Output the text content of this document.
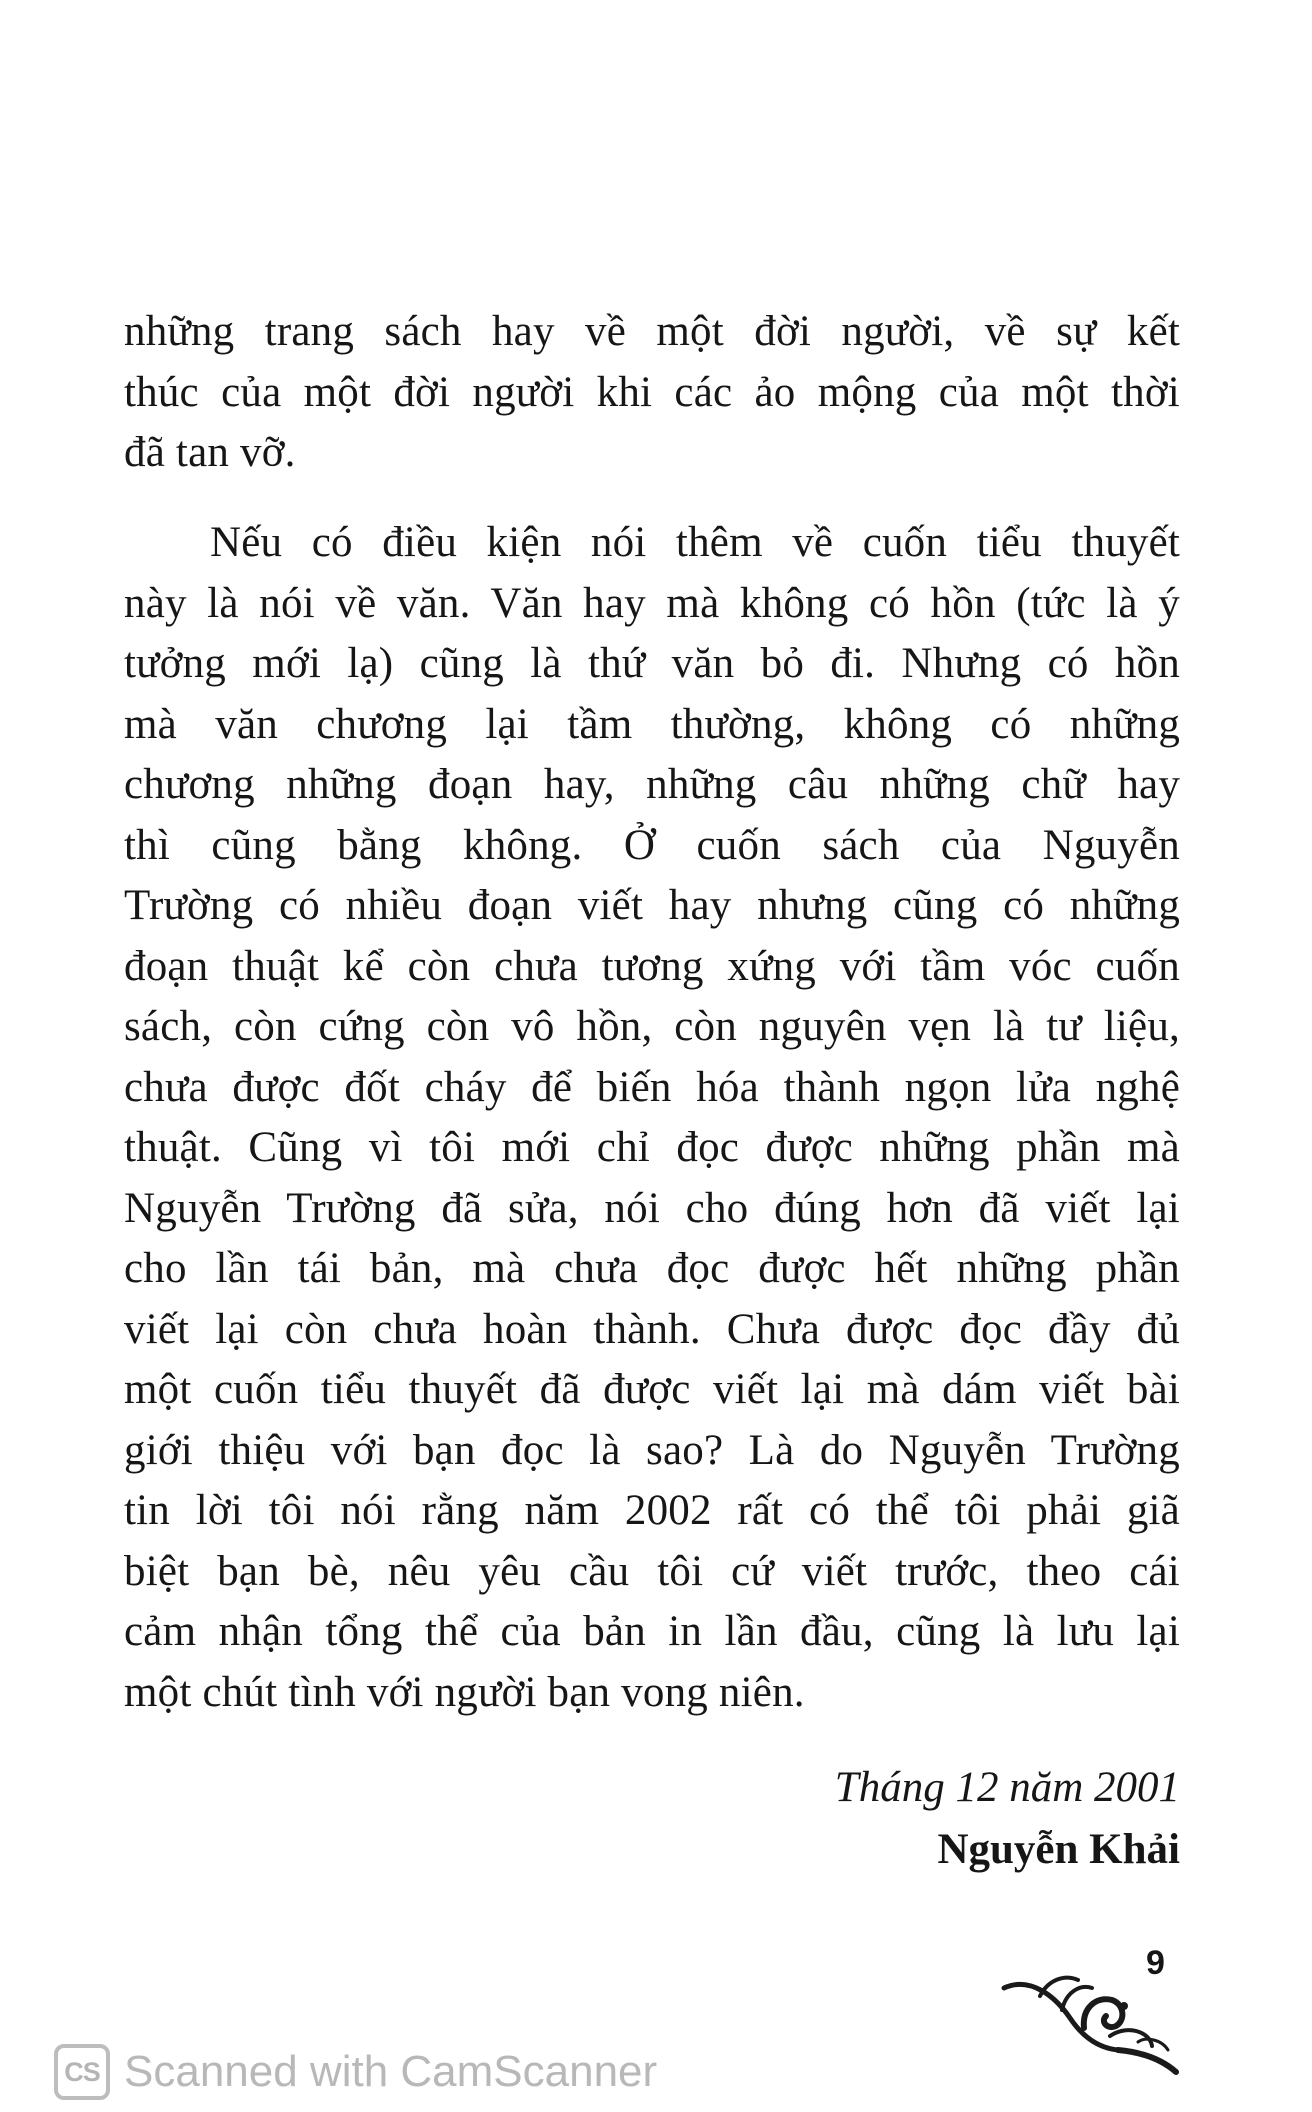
những trang sách hay về một đời người, về sự kết
thúc của một đời người khi các ảo mộng của một thời
đã tan vỡ.
Nếu có điều kiện nói thêm về cuốn tiểu thuyết
này là nói về văn. Văn hay mà không có hồn (tức là ý
tưởng mới lạ) cũng là thứ văn bỏ đi. Nhưng có hồn
mà văn chương lại tầm thường, không có những
chương những đoạn hay, những câu những chữ hay
thì cũng bằng không. Ở cuốn sách của Nguyễn
Trường có nhiều đoạn viết hay nhưng cũng có những
đoạn thuật kể còn chưa tương xứng với tầm vóc cuốn
sách, còn cứng còn vô hồn, còn nguyên vẹn là tư liệu,
chưa được đốt cháy để biến hóa thành ngọn lửa nghệ
thuật. Cũng vì tôi mới chỉ đọc được những phần mà
Nguyễn Trường đã sửa, nói cho đúng hơn đã viết lại
cho lần tái bản, mà chưa đọc được hết những phần
viết lại còn chưa hoàn thành. Chưa được đọc đầy đủ
một cuốn tiểu thuyết đã được viết lại mà dám viết bài
giới thiệu với bạn đọc là sao? Là do Nguyễn Trường
tin lời tôi nói rằng năm 2002 rất có thể tôi phải giã
biệt bạn bè, nêu yêu cầu tôi cứ viết trước, theo cái
cảm nhận tổng thể của bản in lần đầu, cũng là lưu lại
một chút tình với người bạn vong niên.
Tháng 12 năm 2001
Nguyễn Khải
9
CS Scanned with CamScanner
